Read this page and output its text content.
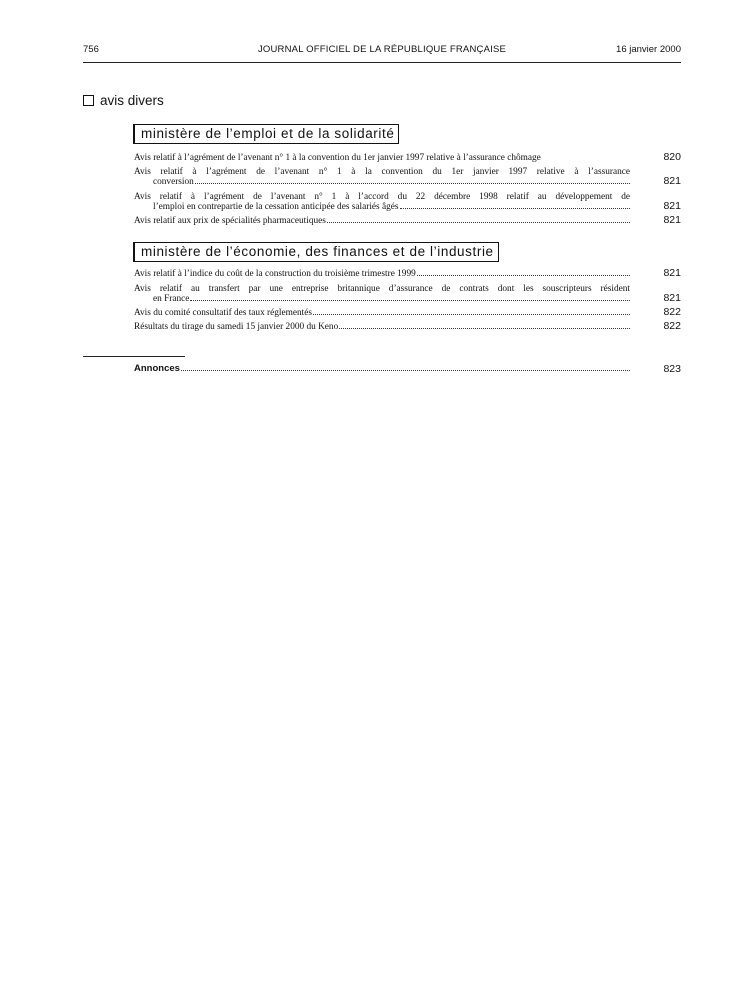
756	JOURNAL OFFICIEL DE LA RÉPUBLIQUE FRANÇAISE	16 janvier 2000
avis divers
ministère de l’emploi et de la solidarité
Avis relatif à l’agrément de l’avenant n° 1 à la convention du 1er janvier 1997 relative à l’assurance chômage	820
Avis relatif à l’agrément de l’avenant n° 1 à la convention du 1er janvier 1997 relative à l’assurance
conversion	821
Avis relatif à l’agrément de l’avenant n° 1 à l’accord du 22 décembre 1998 relatif au développement de
l’emploi en contrepartie de la cessation anticipée des salariés âgés	821
Avis relatif aux prix de spécialités pharmaceutiques	821
ministère de l’économie, des finances et de l’industrie
Avis relatif à l’indice du coût de la construction du troisième trimestre 1999	821
Avis relatif au transfert par une entreprise britannique d’assurance de contrats dont les souscripteurs résident
en France	821
Avis du comité consultatif des taux réglementés	822
Résultats du tirage du samedi 15 janvier 2000 du Keno	822
Annonces	823
